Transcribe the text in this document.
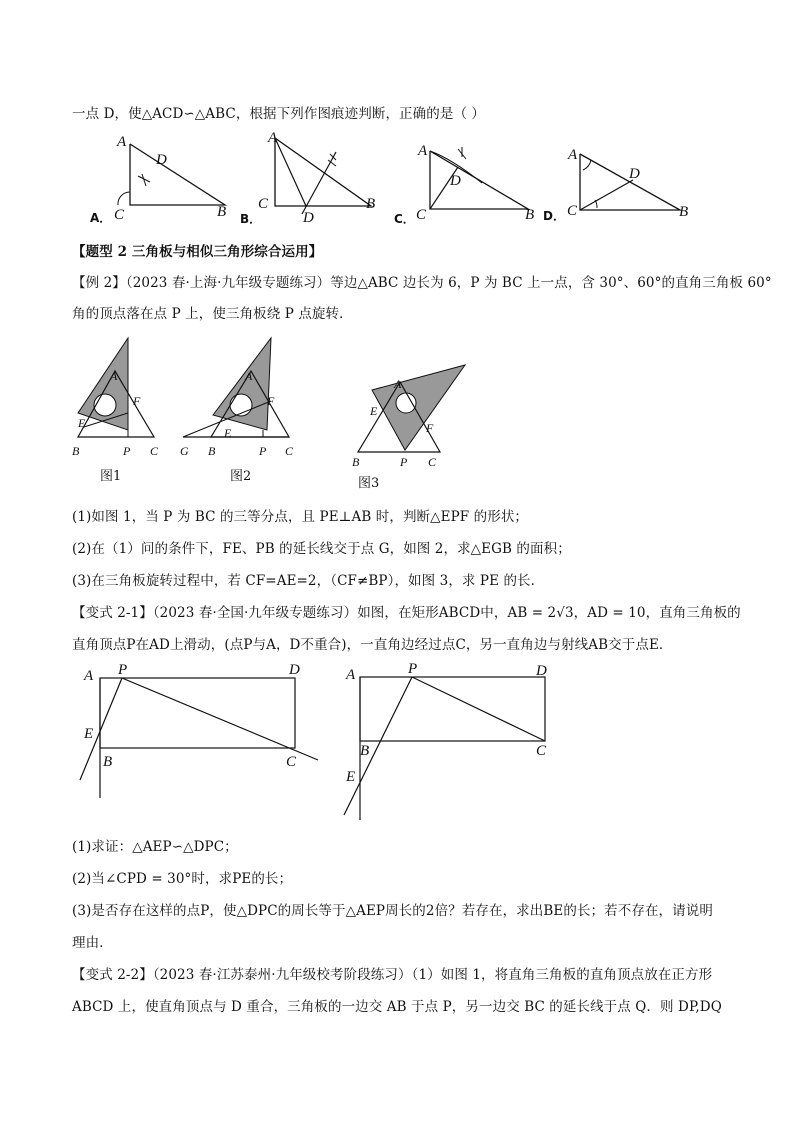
一点 D，使△ACD∽△ABC，根据下列作图痕迹判断，正确的是（ ）
A
D
C	B
A．
A
C
D
B
B．
A
D
C	B
C．
A
D
C	B
D．
【题型 2 三角板与相似三角形综合运用】
【例 2】（2023 春·上海·九年级专题练习）等边△ABC 边长为 6，P 为 BC 上一点，含 30°、60°的直角三角板 60°
角的顶点落在点 P 上，使三角板绕 P 点旋转．
A
F
E
B	P C
图1
A
F
E
G B	P C
图2
A
E
F
B	P C
图3
(1)如图 1，当 P 为 BC 的三等分点，且 PE⊥AB 时，判断△EPF 的形状；
(2)在（1）问的条件下，FE、PB 的延长线交于点 G，如图 2，求△EGB 的面积；
(3)在三角板旋转过程中，若 CF=AE=2，（CF≠BP），如图 3，求 PE 的长．
【变式 2-1】（2023 春·全国·九年级专题练习）如图，在矩形ABCD中，AB = 2√3，AD = 10，直角三角板的
直角顶点P在AD上滑动，(点P与A，D不重合)，一直角边经过点C，另一直角边与射线AB交于点E．
A P	D
E
B	C
A	P	D
B	C
E
(1)求证：△AEP∽△DPC；
(2)当∠CPD = 30°时，求PE的长；
(3)是否存在这样的点P，使△DPC的周长等于△AEP周长的2倍？若存在，求出BE的长；若不存在，请说明
理由．
【变式 2-2】（2023 春·江苏泰州·九年级校考阶段练习）（1）如图 1，将直角三角板的直角顶点放在正方形
ABCD 上，使直角顶点与 D 重合，三角板的一边交 AB 于点 P，另一边交 BC 的延长线于点 Q．则 DP,DQ
